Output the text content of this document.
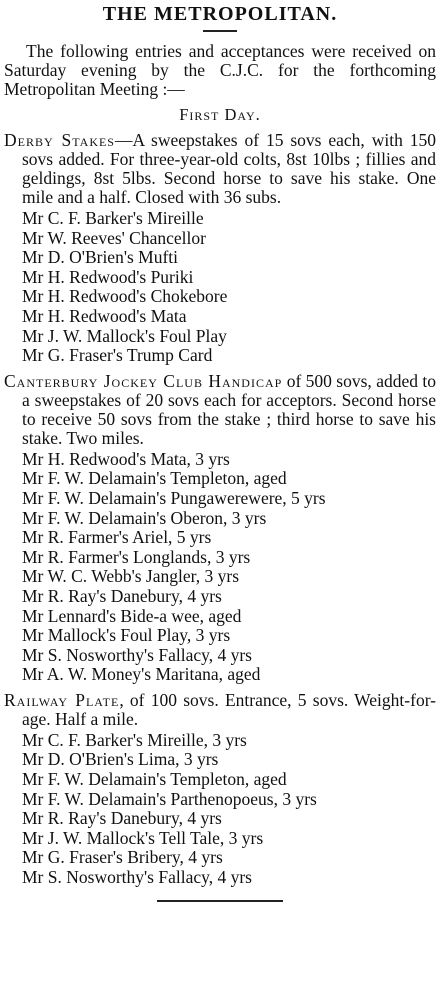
THE METROPOLITAN.

The following entries and acceptances were received on Saturday evening by the C.J.C. for the forthcoming Metropolitan Meeting :—

First Day.

Derby Stakes—A sweepstakes of 15 sovs each, with 150 sovs added. For three-year-old colts, 8st 10lbs ; fillies and geldings, 8st 5lbs. Second horse to save his stake. One mile and a half. Closed with 36 subs.

Mr C. F. Barker's Mireille
Mr W. Reeves' Chancellor
Mr D. O'Brien's Mufti
Mr H. Redwood's Puriki
Mr H. Redwood's Chokebore
Mr H. Redwood's Mata
Mr J. W. Mallock's Foul Play
Mr G. Fraser's Trump Card

Canterbury Jockey Club Handicap of 500 sovs, added to a sweepstakes of 20 sovs each for acceptors. Second horse to receive 50 sovs from the stake ; third horse to save his stake. Two miles.

Mr H. Redwood's Mata, 3 yrs
Mr F. W. Delamain's Templeton, aged
Mr F. W. Delamain's Pungawerewere, 5 yrs
Mr F. W. Delamain's Oberon, 3 yrs
Mr R. Farmer's Ariel, 5 yrs
Mr R. Farmer's Longlands, 3 yrs
Mr W. C. Webb's Jangler, 3 yrs
Mr R. Ray's Danebury, 4 yrs
Mr Lennard's Bide-a wee, aged
Mr Mallock's Foul Play, 3 yrs
Mr S. Nosworthy's Fallacy, 4 yrs
Mr A. W. Money's Maritana, aged

Railway Plate, of 100 sovs. Entrance, 5 sovs. Weight-for-age. Half a mile.

Mr C. F. Barker's Mireille, 3 yrs
Mr D. O'Brien's Lima, 3 yrs
Mr F. W. Delamain's Templeton, aged
Mr F. W. Delamain's Parthenopoeus, 3 yrs
Mr R. Ray's Danebury, 4 yrs
Mr J. W. Mallock's Tell Tale, 3 yrs
Mr G. Fraser's Bribery, 4 yrs
Mr S. Nosworthy's Fallacy, 4 yrs
